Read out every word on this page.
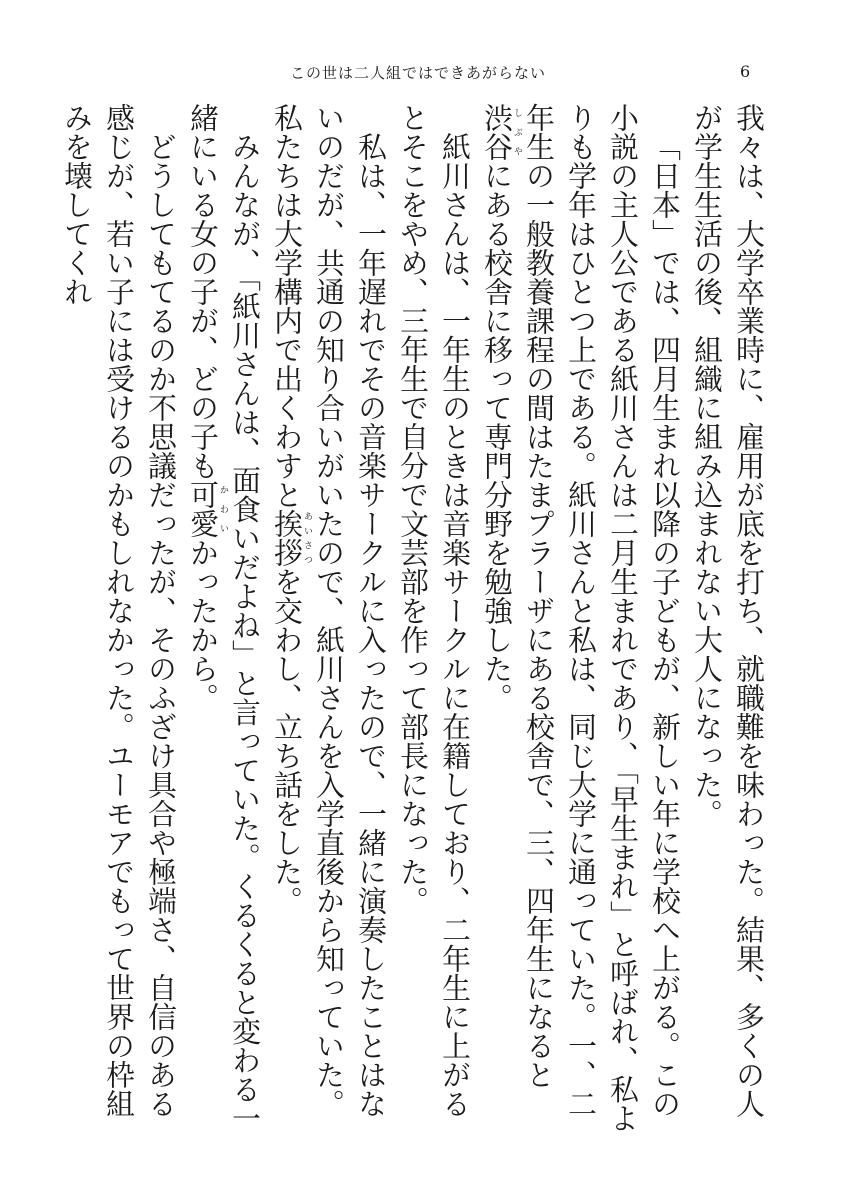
この世は二人組ではできあがらない	6

我々は、大学卒業時に、雇用が底を打ち、就職難を味わった。結果、多くの人が学生生活の後、組織に組み込まれない大人になった。

「日本」では、四月生まれ以降の子どもが、新しい年に学校へ上がる。この小説の主人公である紙川さんは二月生まれであり、「早生まれ」と呼ばれ、私よりも学年はひとつ上である。紙川さんと私は、同じ大学に通っていた。一、二年生の一般教養課程の間はたまプラーザにある校舎で、三、四年生になると渋谷しぶやにある校舎に移って専門分野を勉強した。

紙川さんは、一年生のときは音楽サークルに在籍しており、二年生に上がるとそこをやめ、三年生で自分で文芸部を作って部長になった。

私は、一年遅れでその音楽サークルに入ったので、一緒に演奏したことはないのだが、共通の知り合いがいたので、紙川さんを入学直後から知っていた。私たちは大学構内で出くわすと挨拶あいさつを交わし、立ち話をした。

みんなが、「紙川さんは、面食いだよね」と言っていた。くるくると変わる一緒にいる女の子が、どの子も可愛かわいかったから。

どうしてもてるのか不思議だったが、そのふざけ具合や極端さ、自信のある感じが、若い子には受けるのかもしれなかった。ユーモアでもって世界の枠組みを壊してくれ
